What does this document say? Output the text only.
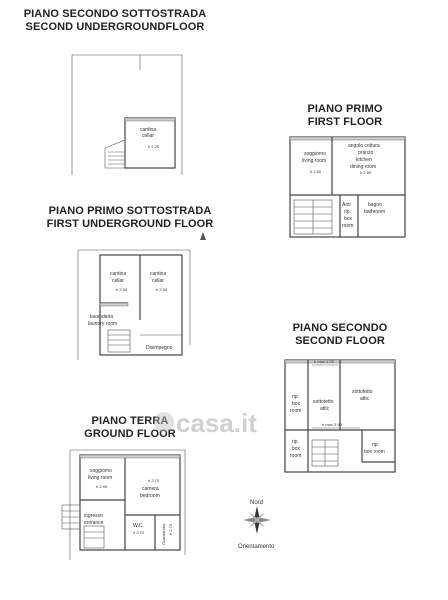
PIANO SECONDO SOTTOSTRADA
SECOND UNDERGROUNDFLOOR
PIANO PRIMO SOTTOSTRADA
FIRST UNDERGROUND FLOOR
PIANO TERRA
GROUND FLOOR
PIANO PRIMO
FIRST FLOOR
PIANO SECONDO
SECOND FLOOR
casa.it
cantina
cellar
h 2.20
cantina
cellar
h 2.50
cantina
cellar
h 2.50
lavanderia
laundry room
Disimpegno
soggiorno
living room
h 2.95
h 2.70
camera
bedroom
ingresso
entrance	W.C.
h 2.70	Guardaroba h 2.70
soggiorno
living room
h 2.80
angolo cottura
pranzo
kitchen
dining room
h 2.80
Anti
rip.
box
room
bagno
bathroom
h max 1.25
h max 3.90
rip.
box
room
sottotetto
attic
sottotetto
attic
rip.
box
room
rip.
box room
Nord
Orientamento
